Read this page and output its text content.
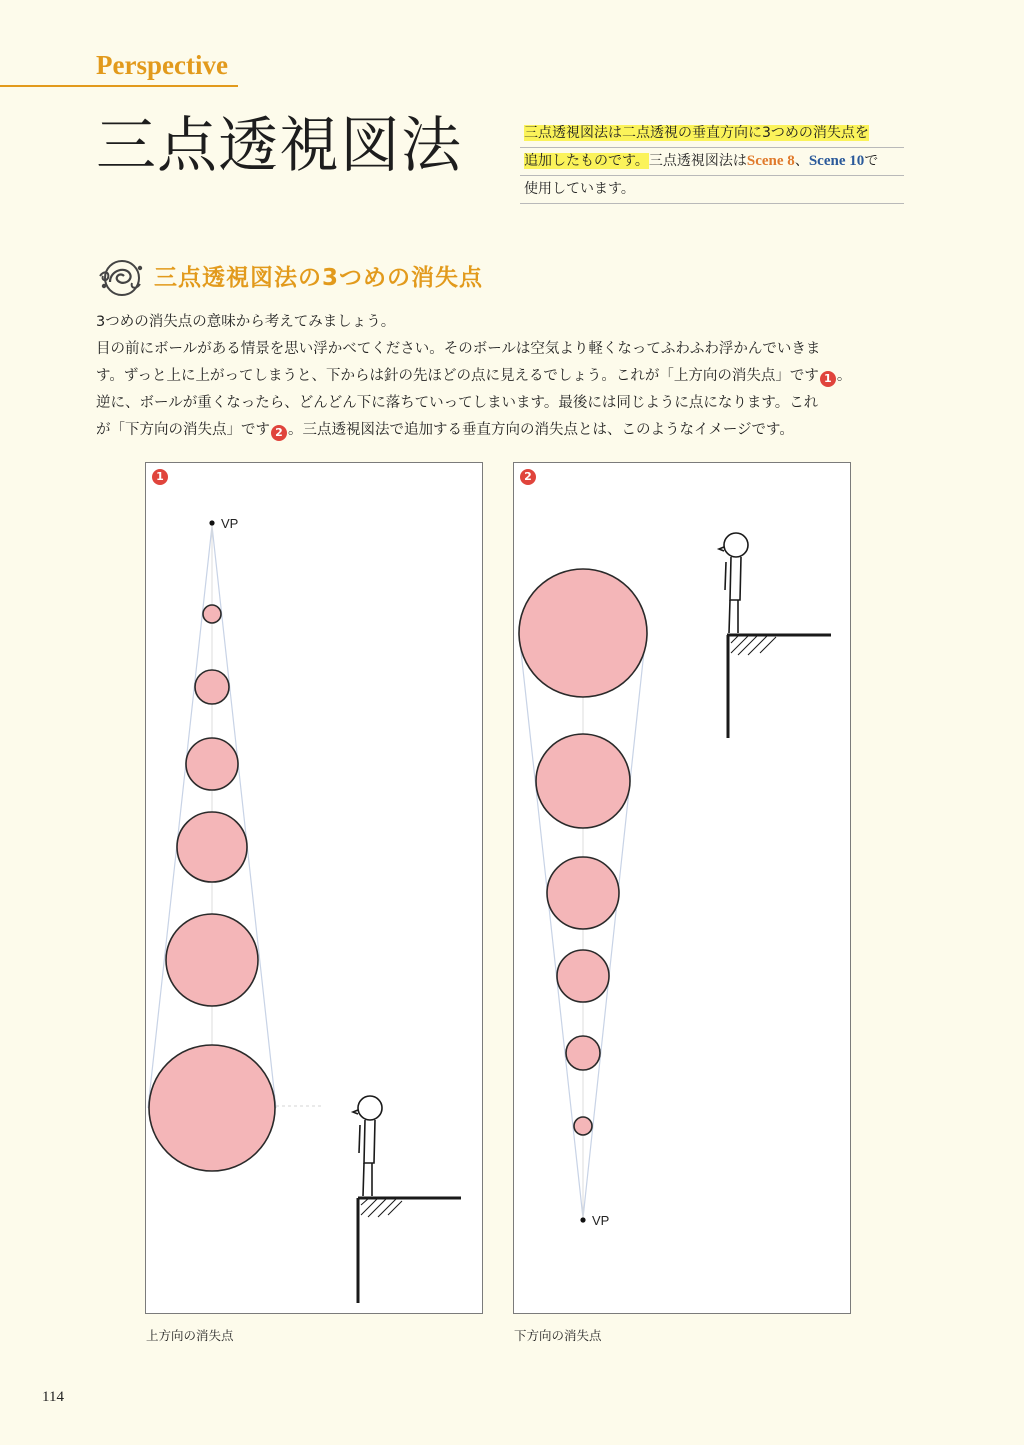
Perspective
三点透視図法	三点透視図法は二点透視の垂直方向に3つめの消失点を
追加したものです。三点透視図法はScene 8、Scene 10で
使用しています。
三点透視図法の3つめの消失点

3つめの消失点の意味から考えてみましょう。

目の前にボールがある情景を思い浮かべてください。そのボールは空気より軽くなってふわふわ浮かんでいきま

す。ずっと上に上がってしまうと、下からは針の先ほどの点に見えるでしょう。これが「上方向の消失点」です 1 。

逆に、ボールが重くなったら、どんどん下に落ちていってしまいます。最後には同じように点になります。これ

が「下方向の消失点」です 2 。三点透視図法で追加する垂直方向の消失点とは、このようなイメージです。

VP
1
上方向の消失点
VP
2
下方向の消失点
114
